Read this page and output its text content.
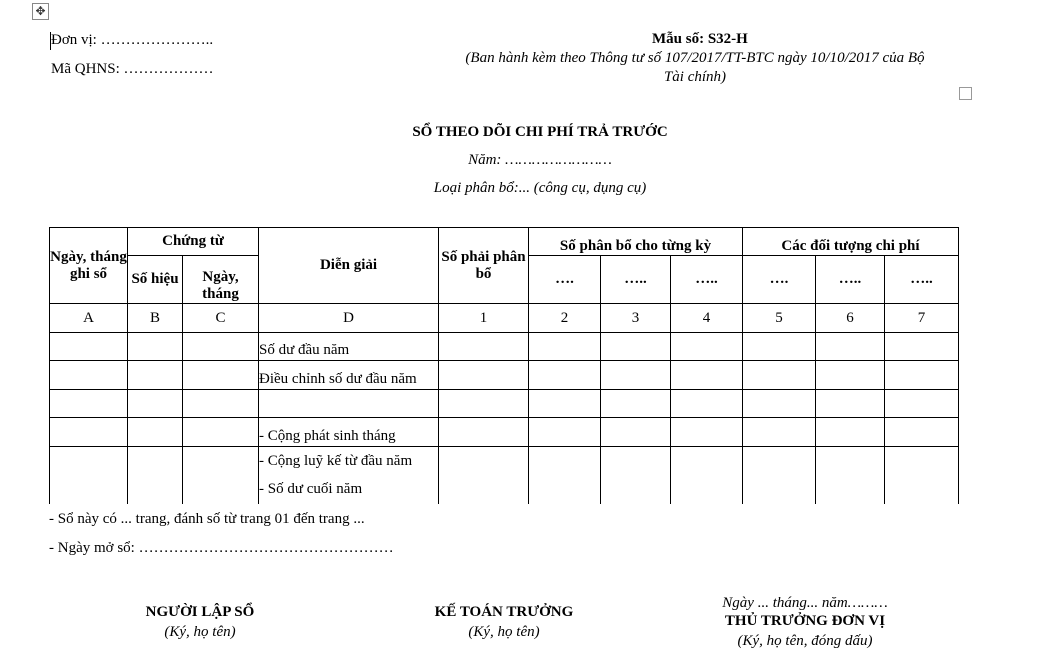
✥
Đơn vị: …………………..
Mã QHNS: ………………
Mẫu số: S32-H
(Ban hành kèm theo Thông tư số 107/2017/TT-BTC ngày 10/10/2017 của Bộ
Tài chính)
SỔ THEO DÕI CHI PHÍ TRẢ TRƯỚC
Năm: ……………………
Loại phân bổ:... (công cụ, dụng cụ)
Ngày, tháng ghi sổ	Chứng từ		Diễn giải	Số phải phân bổ	Số phân bổ cho từng kỳ			Các đối tượng chi phí		
	Số hiệu	Ngày, tháng			….	…..	…..	….	…..	…..
A	B	C	D	1	2	3	4	5	6	7
			Số dư đầu năm							
			Điều chỉnh số dư đầu năm							

			- Cộng phát sinh tháng							

			- Cộng luỹ kế từ đầu năm
- Số dư cuối năm							

- Sổ này có ... trang, đánh số từ trang 01 đến trang ...
- Ngày mở sổ: ……………………………………………
NGƯỜI LẬP SỔ
(Ký, họ tên)
KẾ TOÁN TRƯỞNG
(Ký, họ tên)
Ngày ... tháng... năm………
THỦ TRƯỞNG ĐƠN VỊ
(Ký, họ tên, đóng dấu)
